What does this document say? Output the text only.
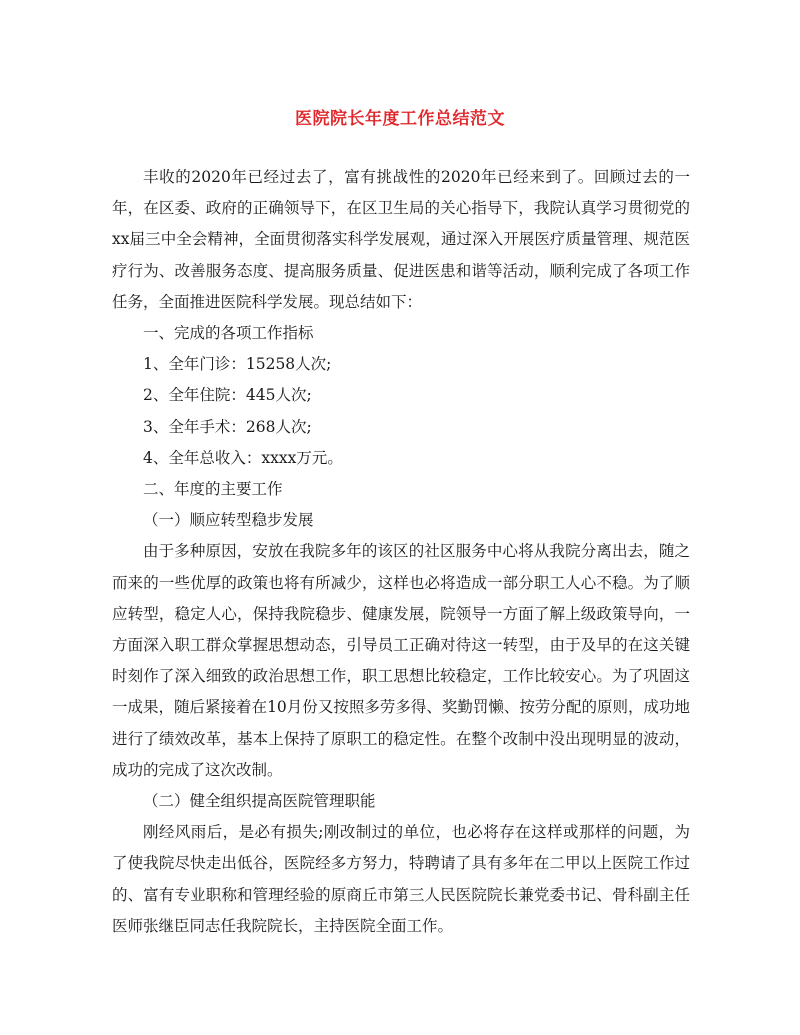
医院院长年度工作总结范文

丰收的2020年已经过去了，富有挑战性的2020年已经来到了。回顾过去的一年，在区委、政府的正确领导下，在区卫生局的关心指导下，我院认真学习贯彻党的xx届三中全会精神，全面贯彻落实科学发展观，通过深入开展医疗质量管理、规范医疗行为、改善服务态度、提高服务质量、促进医患和谐等活动，顺利完成了各项工作任务，全面推进医院科学发展。现总结如下：

一、完成的各项工作指标

1、全年门诊：15258人次;

2、全年住院：445人次;

3、全年手术：268人次;

4、全年总收入：xxxx万元。

二、年度的主要工作

（一）顺应转型稳步发展

由于多种原因，安放在我院多年的该区的社区服务中心将从我院分离出去，随之而来的一些优厚的政策也将有所减少，这样也必将造成一部分职工人心不稳。为了顺应转型，稳定人心，保持我院稳步、健康发展，院领导一方面了解上级政策导向，一方面深入职工群众掌握思想动态，引导员工正确对待这一转型，由于及早的在这关键时刻作了深入细致的政治思想工作，职工思想比较稳定，工作比较安心。为了巩固这一成果，随后紧接着在10月份又按照多劳多得、奖勤罚懒、按劳分配的原则，成功地进行了绩效改革，基本上保持了原职工的稳定性。在整个改制中没出现明显的波动，成功的完成了这次改制。

（二）健全组织提高医院管理职能

刚经风雨后，是必有损失;刚改制过的单位，也必将存在这样或那样的问题，为了使我院尽快走出低谷，医院经多方努力，特聘请了具有多年在二甲以上医院工作过的、富有专业职称和管理经验的原商丘市第三人民医院院长兼党委书记、骨科副主任医师张继臣同志任我院院长，主持医院全面工作。
